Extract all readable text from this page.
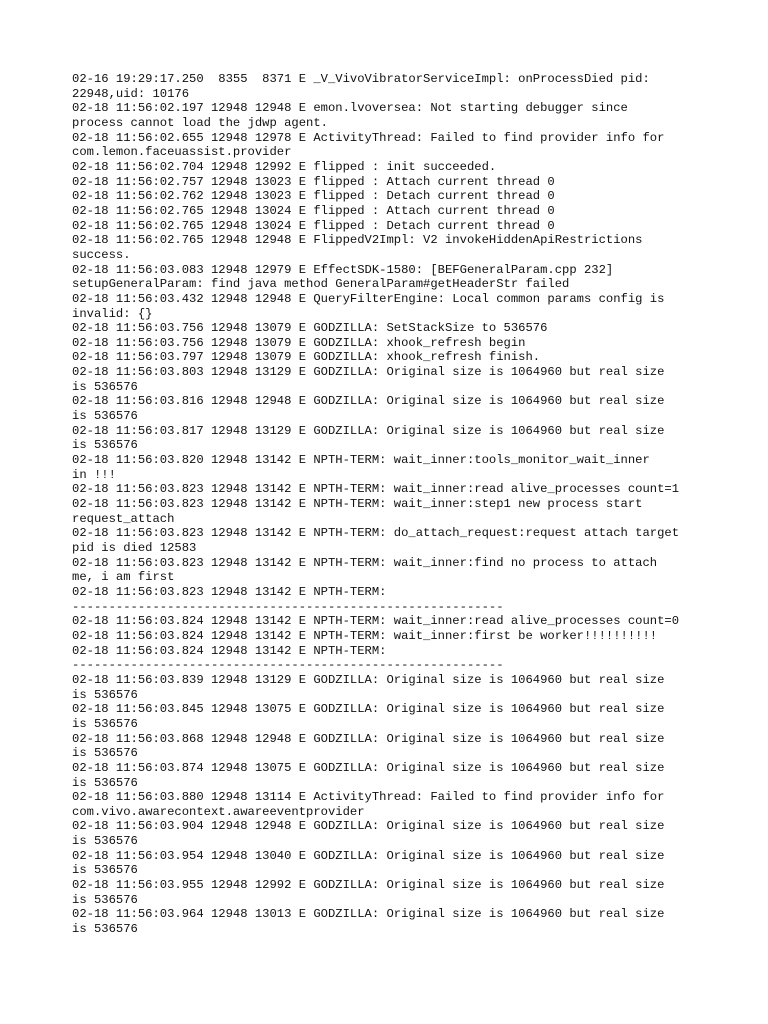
02-16 19:29:17.250  8355  8371 E _V_VivoVibratorServiceImpl: onProcessDied pid:
22948,uid: 10176
02-18 11:56:02.197 12948 12948 E emon.lvoversea: Not starting debugger since
process cannot load the jdwp agent.
02-18 11:56:02.655 12948 12978 E ActivityThread: Failed to find provider info for
com.lemon.faceuassist.provider
02-18 11:56:02.704 12948 12992 E flipped : init succeeded.
02-18 11:56:02.757 12948 13023 E flipped : Attach current thread 0
02-18 11:56:02.762 12948 13023 E flipped : Detach current thread 0
02-18 11:56:02.765 12948 13024 E flipped : Attach current thread 0
02-18 11:56:02.765 12948 13024 E flipped : Detach current thread 0
02-18 11:56:02.765 12948 12948 E FlippedV2Impl: V2 invokeHiddenApiRestrictions
success.
02-18 11:56:03.083 12948 12979 E EffectSDK-1580: [BEFGeneralParam.cpp 232]
setupGeneralParam: find java method GeneralParam#getHeaderStr failed
02-18 11:56:03.432 12948 12948 E QueryFilterEngine: Local common params config is
invalid: {}
02-18 11:56:03.756 12948 13079 E GODZILLA: SetStackSize to 536576
02-18 11:56:03.756 12948 13079 E GODZILLA: xhook_refresh begin
02-18 11:56:03.797 12948 13079 E GODZILLA: xhook_refresh finish.
02-18 11:56:03.803 12948 13129 E GODZILLA: Original size is 1064960 but real size
is 536576
02-18 11:56:03.816 12948 12948 E GODZILLA: Original size is 1064960 but real size
is 536576
02-18 11:56:03.817 12948 13129 E GODZILLA: Original size is 1064960 but real size
is 536576
02-18 11:56:03.820 12948 13142 E NPTH-TERM: wait_inner:tools_monitor_wait_inner
in !!!
02-18 11:56:03.823 12948 13142 E NPTH-TERM: wait_inner:read alive_processes count=1
02-18 11:56:03.823 12948 13142 E NPTH-TERM: wait_inner:step1 new process start
request_attach
02-18 11:56:03.823 12948 13142 E NPTH-TERM: do_attach_request:request attach target
pid is died 12583
02-18 11:56:03.823 12948 13142 E NPTH-TERM: wait_inner:find no process to attach
me, i am first
02-18 11:56:03.823 12948 13142 E NPTH-TERM:
-----------------------------------------------------------
02-18 11:56:03.824 12948 13142 E NPTH-TERM: wait_inner:read alive_processes count=0
02-18 11:56:03.824 12948 13142 E NPTH-TERM: wait_inner:first be worker!!!!!!!!!!
02-18 11:56:03.824 12948 13142 E NPTH-TERM:
-----------------------------------------------------------
02-18 11:56:03.839 12948 13129 E GODZILLA: Original size is 1064960 but real size
is 536576
02-18 11:56:03.845 12948 13075 E GODZILLA: Original size is 1064960 but real size
is 536576
02-18 11:56:03.868 12948 12948 E GODZILLA: Original size is 1064960 but real size
is 536576
02-18 11:56:03.874 12948 13075 E GODZILLA: Original size is 1064960 but real size
is 536576
02-18 11:56:03.880 12948 13114 E ActivityThread: Failed to find provider info for
com.vivo.awarecontext.awareeventprovider
02-18 11:56:03.904 12948 12948 E GODZILLA: Original size is 1064960 but real size
is 536576
02-18 11:56:03.954 12948 13040 E GODZILLA: Original size is 1064960 but real size
is 536576
02-18 11:56:03.955 12948 12992 E GODZILLA: Original size is 1064960 but real size
is 536576
02-18 11:56:03.964 12948 13013 E GODZILLA: Original size is 1064960 but real size
is 536576
